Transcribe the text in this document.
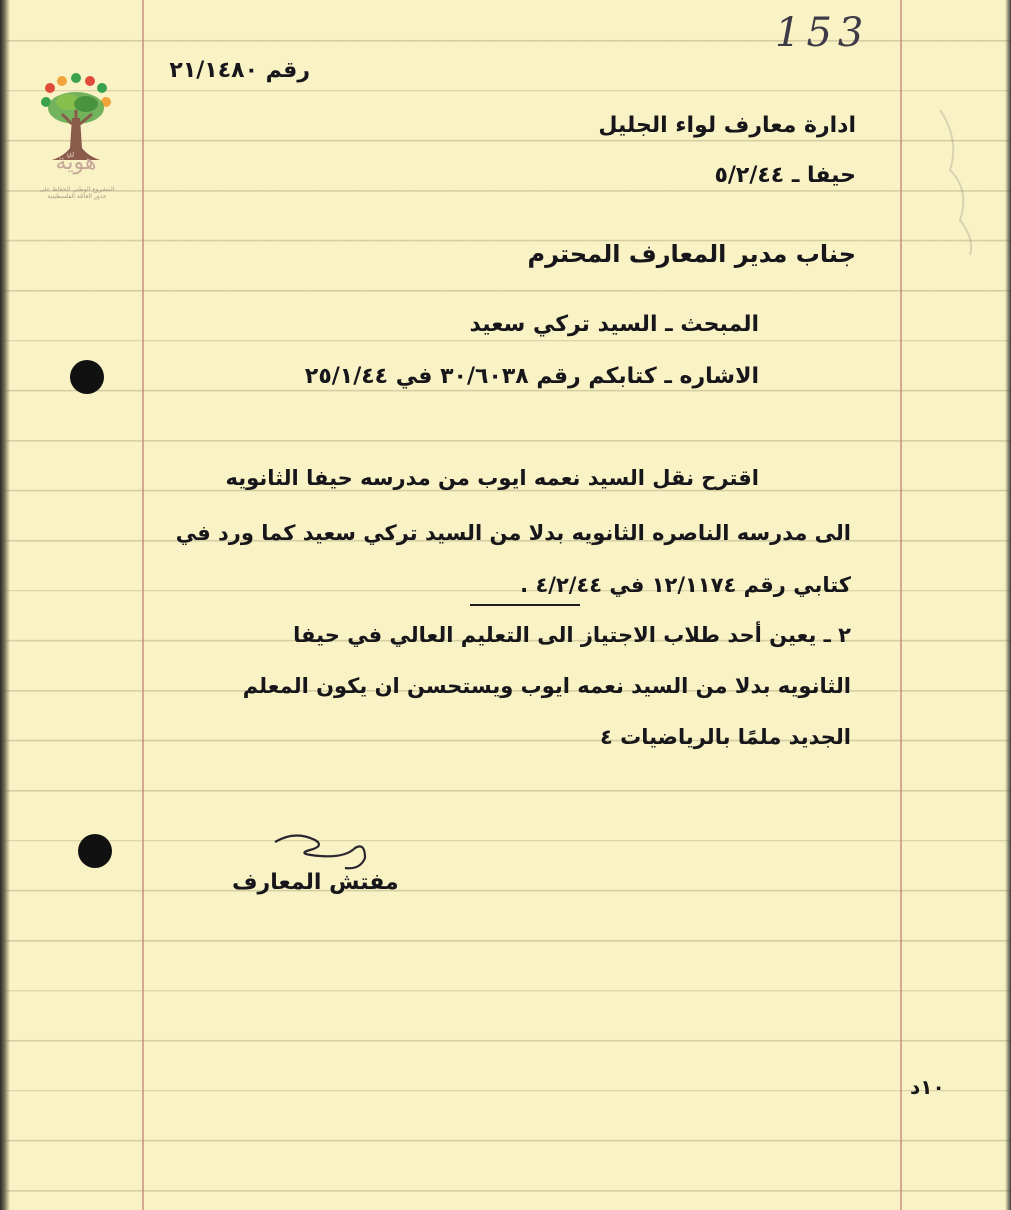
هويّة
المشروع الوطني للحفاظ على جذور العائلة الفلسطينية
153
رقم ٢١/١٤٨٠
ادارة معارف لواء الجليل
حيفا ـ ٥/٢/٤٤
جناب مدير المعارف المحترم
المبحث ـ السيد تركي سعيد
الاشاره ـ كتابكم رقم ٣٠/٦٠٣٨ في ٢٥/١/٤٤
اقترح نقل السيد نعمه ايوب من مدرسه حيفا الثانويه
الى مدرسه الناصره الثانويه بدلا من السيد تركي سعيد كما ورد في
كتابي رقم ١٢/١١٧٤ في ٤/٢/٤٤ .
٢ ـ يعين أحد طلاب الاجتياز الى التعليم العالي في حيفا
الثانويه بدلا من السيد نعمه ايوب ويستحسن ان يكون المعلم
الجديد ملمًا بالرياضيات ٤
مفتش المعارف
١٠د
